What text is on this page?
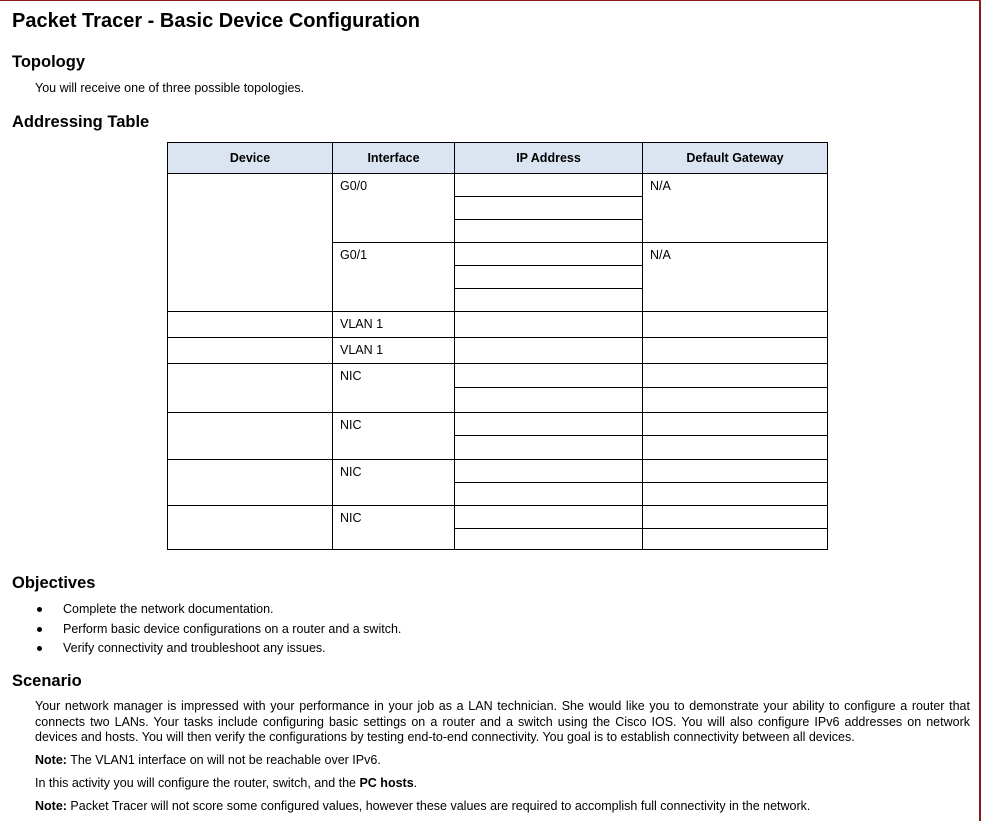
Packet Tracer - Basic Device Configuration
Topology

You will receive one of three possible topologies.

Addressing Table
Device	Interface	IP Address	Default Gateway
	G0/0		N/A

	G0/1		N/A

	VLAN 1		
	VLAN 1		
	NIC		

	NIC		

	NIC		

	NIC		

Objectives
Complete the network documentation.
Perform basic device configurations on a router and a switch.
Verify connectivity and troubleshoot any issues.
Scenario

Your network manager is impressed with your performance in your job as a LAN technician. She would like you to demonstrate your ability to configure a router that connects two LANs. Your tasks include configuring basic settings on a router and a switch using the Cisco IOS. You will also configure IPv6 addresses on network devices and hosts. You will then verify the configurations by testing end-to-end connectivity. You goal is to establish connectivity between all devices.

Note: The VLAN1 interface on will not be reachable over IPv6.

In this activity you will configure the router, switch, and the PC hosts.

Note: Packet Tracer will not score some configured values, however these values are required to accomplish full connectivity in the network.
